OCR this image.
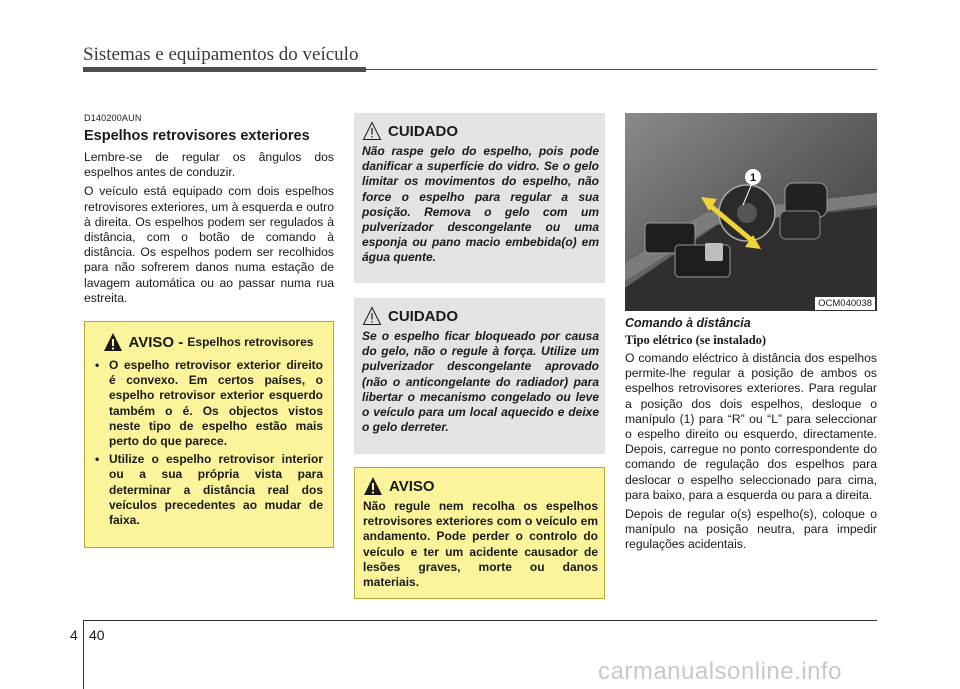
Sistemas e equipamentos do veículo
D140200AUN
Espelhos retrovisores exteriores

Lembre-se de regular os ângulos dos espelhos antes de conduzir.

O veículo está equipado com dois espelhos retrovisores exteriores, um à esquerda e outro à direita. Os espelhos podem ser regulados à distância, com o botão de comando à distância. Os espelhos podem ser recolhidos para não sofrerem danos numa estação de lavagem automática ou ao passar numa rua estreita.

AVISO - Espelhos retrovisores
• O espelho retrovisor exterior direito é convexo. Em certos países, o espelho retrovisor exterior esquerdo também o é. Os objectos vistos neste tipo de espelho estão mais perto do que parece.
• Utilize o espelho retrovisor interior ou a sua própria vista para determinar a distância real dos veículos precedentes ao mudar de faixa.
CUIDADO

Não raspe gelo do espelho, pois pode danificar a superfície do vidro. Se o gelo limitar os movimentos do espelho, não force o espelho para regular a sua posição. Remova o gelo com um pulverizador descongelante ou uma esponja ou pano macio embebida(o) em água quente.

CUIDADO

Se o espelho ficar bloqueado por causa do gelo, não o regule à força. Utilize um pulverizador descongelante aprovado (não o anticongelante do radiador) para libertar o mecanismo congelado ou leve o veículo para um local aquecido e deixe o gelo derreter.

AVISO

Não regule nem recolha os espelhos retrovisores exteriores com o veículo em andamento. Pode perder o controlo do veículo e ter um acidente causador de lesões graves, morte ou danos materiais.

1
OCM040038
Comando à distância
Tipo elétrico (se instalado)

O comando eléctrico à distância dos espelhos permite-lhe regular a posição de ambos os espelhos retrovisores exteriores. Para regular a posição dos dois espelhos, desloque o manípulo (1) para “R” ou “L” para seleccionar o espelho direito ou esquerdo, directamente. Depois, carregue no ponto correspondente do comando de regulação dos espelhos para deslocar o espelho seleccionado para cima, para baixo, para a esquerda ou para a direita.

Depois de regular o(s) espelho(s), coloque o manípulo na posição neutra, para impedir regulações acidentais.

4 40
carmanualsonline.info
